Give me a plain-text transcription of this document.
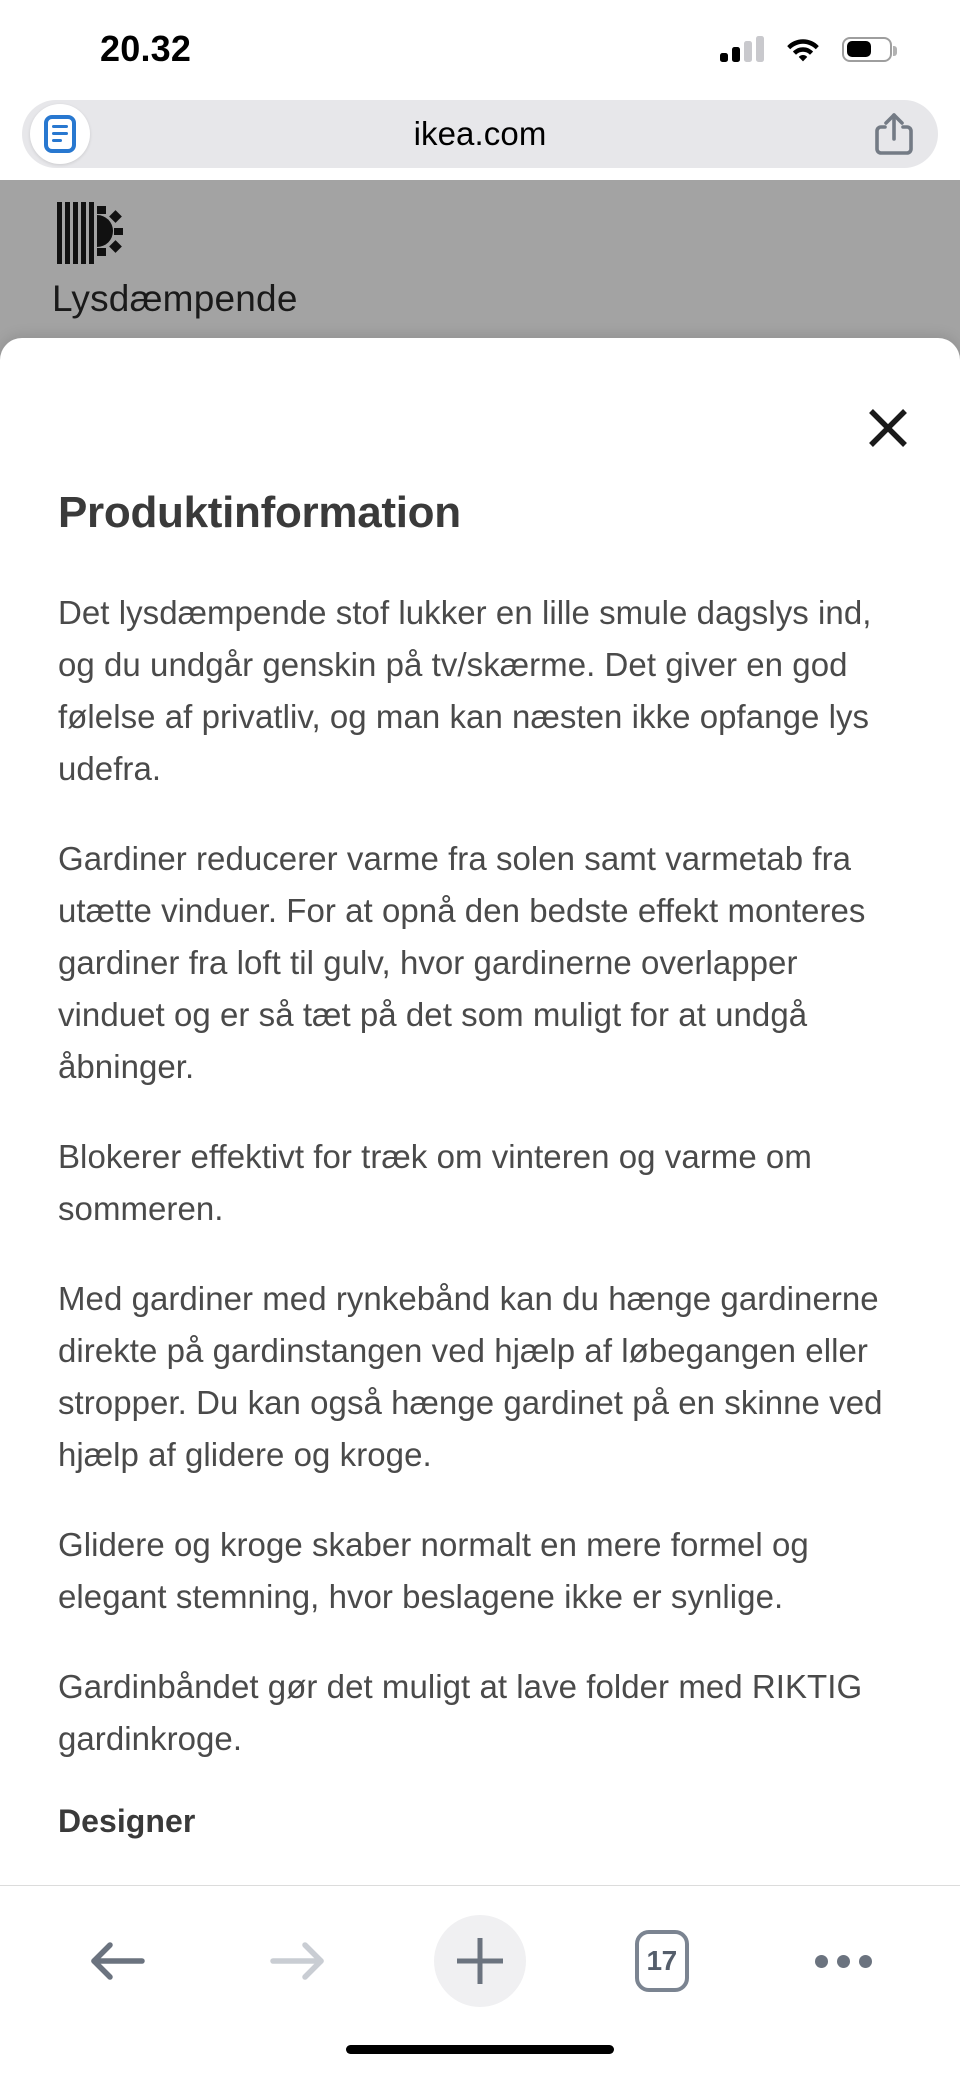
20.32
ikea.com
Lysdæmpende
Produktinformation

Det lysdæmpende stof lukker en lille smule dagslys ind, og du undgår genskin på tv/skærme. Det giver en god følelse af privatliv, og man kan næsten ikke opfange lys udefra.

Gardiner reducerer varme fra solen samt varmetab fra utætte vinduer. For at opnå den bedste effekt monteres gardiner fra loft til gulv, hvor gardinerne overlapper vinduet og er så tæt på det som muligt for at undgå åbninger.

Blokerer effektivt for træk om vinteren og varme om sommeren.

Med gardiner med rynkebånd kan du hænge gardinerne direkte på gardinstangen ved hjælp af løbegangen eller stropper. Du kan også hænge gardinet på en skinne ved hjælp af glidere og kroge.

Glidere og kroge skaber normalt en mere formel og elegant stemning, hvor beslagene ikke er synlige.

Gardinbåndet gør det muligt at lave folder med RIKTIG gardinkroge.

Designer
17
